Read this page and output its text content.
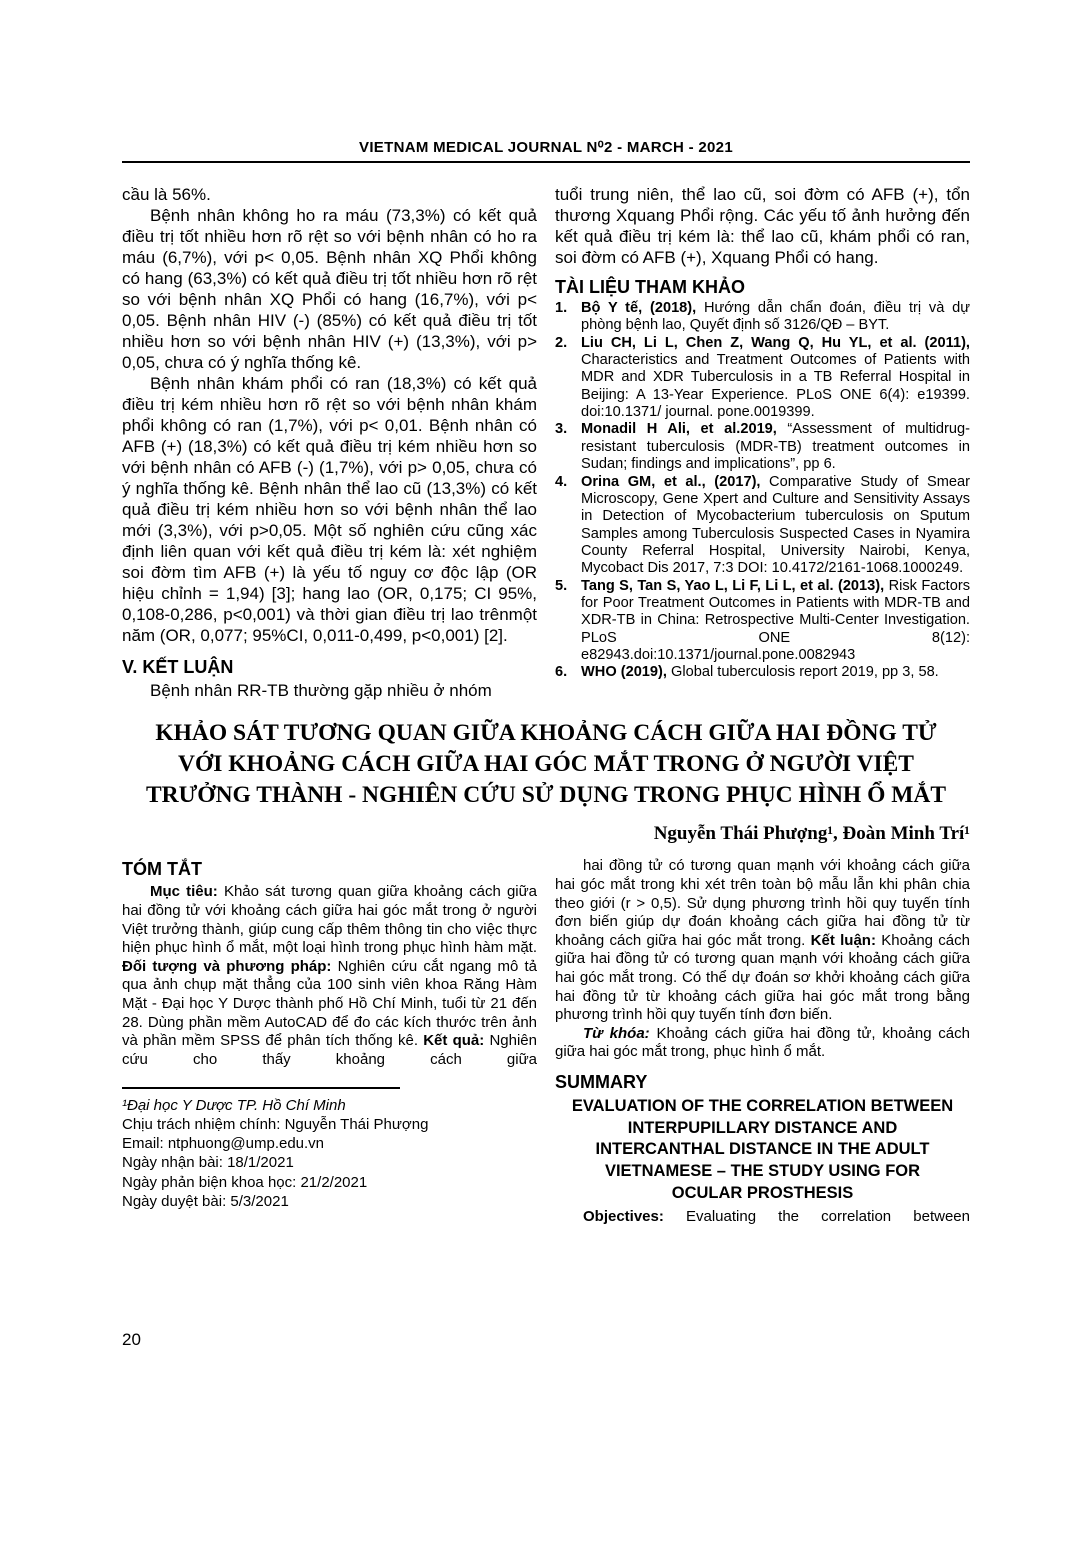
VIETNAM MEDICAL JOURNAL N⁰2 - MARCH - 2021

cầu là 56%.

Bệnh nhân không ho ra máu (73,3%) có kết quả điều trị tốt nhiều hơn rõ rệt so với bệnh nhân có ho ra máu (6,7%), với p< 0,05. Bệnh nhân XQ Phổi không có hang (63,3%) có kết quả điều trị tốt nhiều hơn rõ rệt so với bệnh nhân XQ Phổi có hang (16,7%), với p< 0,05. Bệnh nhân HIV (-) (85%) có kết quả điều trị tốt nhiều hơn so với bệnh nhân HIV (+) (13,3%), với p> 0,05, chưa có ý nghĩa thống kê.

Bệnh nhân khám phổi có ran (18,3%) có kết quả điều trị kém nhiều hơn rõ rệt so với bệnh nhân khám phổi không có ran (1,7%), với p< 0,01. Bệnh nhân có AFB (+) (18,3%) có kết quả điều trị kém nhiều hơn so với bệnh nhân có AFB (-) (1,7%), với p> 0,05, chưa có ý nghĩa thống kê. Bệnh nhân thể lao cũ (13,3%) có kết quả điều trị kém nhiều hơn so với bệnh nhân thể lao mới (3,3%), với p>0,05. Một số nghiên cứu cũng xác định liên quan với kết quả điều trị kém là: xét nghiệm soi đờm tìm AFB (+) là yếu tố nguy cơ độc lập (OR hiệu chỉnh = 1,94) [3]; hang lao (OR, 0,175; CI 95%, 0,108-0,286, p<0,001) và thời gian điều trị lao trênmột năm (OR, 0,077; 95%CI, 0,011-0,499, p<0,001) [2].

V. KẾT LUẬN

Bệnh nhân RR-TB thường gặp nhiều ở nhóm

tuổi trung niên, thể lao cũ, soi đờm có AFB (+), tổn thương Xquang Phổi rộng. Các yếu tố ảnh hưởng đến kết quả điều trị kém là: thể lao cũ, khám phổi có ran, soi đờm có AFB (+), Xquang Phổi có hang.

TÀI LIỆU THAM KHẢO
1. Bộ Y tế, (2018), Hướng dẫn chẩn đoán, điều trị và dự phòng bệnh lao, Quyết định số 3126/QĐ – BYT.
2. Liu CH, Li L, Chen Z, Wang Q, Hu YL, et al. (2011), Characteristics and Treatment Outcomes of Patients with MDR and XDR Tuberculosis in a TB Referral Hospital in Beijing: A 13-Year Experience. PLoS ONE 6(4): e19399. doi:10.1371/ journal. pone.0019399.
3. Monadil H Ali, et al.2019, “Assessment of multidrug-resistant tuberculosis (MDR-TB) treatment outcomes in Sudan; findings and implications”, pp 6.
4. Orina GM, et al., (2017), Comparative Study of Smear Microscopy, Gene Xpert and Culture and Sensitivity Assays in Detection of Mycobacterium tuberculosis on Sputum Samples among Tuberculosis Suspected Cases in Nyamira County Referral Hospital, University Nairobi, Kenya, Mycobact Dis 2017, 7:3 DOI: 10.4172/2161-1068.1000249.
5. Tang S, Tan S, Yao L, Li F, Li L, et al. (2013), Risk Factors for Poor Treatment Outcomes in Patients with MDR-TB and XDR-TB in China: Retrospective Multi-Center Investigation. PLoS ONE 8(12): e82943.doi:10.1371/journal.pone.0082943
6. WHO (2019), Global tuberculosis report 2019, pp 3, 58.
KHẢO SÁT TƯƠNG QUAN GIỮA KHOẢNG CÁCH GIỮA HAI ĐỒNG TỬ VỚI KHOẢNG CÁCH GIỮA HAI GÓC MẮT TRONG Ở NGƯỜI VIỆT TRƯỞNG THÀNH - NGHIÊN CỨU SỬ DỤNG TRONG PHỤC HÌNH Ổ MẮT
Nguyễn Thái Phượng¹, Đoàn Minh Trí¹
TÓM TẮT

Mục tiêu: Khảo sát tương quan giữa khoảng cách giữa hai đồng tử với khoảng cách giữa hai góc mắt trong ở người Việt trưởng thành, giúp cung cấp thêm thông tin cho việc thực hiện phục hình ổ mắt, một loại hình trong phục hình hàm mặt. Đối tượng và phương pháp: Nghiên cứu cắt ngang mô tả qua ảnh chụp mặt thẳng của 100 sinh viên khoa Răng Hàm Mặt - Đại học Y Dược thành phố Hồ Chí Minh, tuổi từ 21 đến 28. Dùng phần mềm AutoCAD để đo các kích thước trên ảnh và phần mềm SPSS để phân tích thống kê. Kết quả: Nghiên cứu cho thấy khoảng cách giữa

¹Đại học Y Dược TP. Hồ Chí Minh

Chịu trách nhiệm chính: Nguyễn Thái Phượng

Email: ntphuong@ump.edu.vn

Ngày nhận bài: 18/1/2021

Ngày phản biện khoa học: 21/2/2021

Ngày duyệt bài: 5/3/2021

hai đồng tử có tương quan mạnh với khoảng cách giữa hai góc mắt trong khi xét trên toàn bộ mẫu lẫn khi phân chia theo giới (r > 0,5). Sử dụng phương trình hồi quy tuyến tính đơn biến giúp dự đoán khoảng cách giữa hai đồng tử từ khoảng cách giữa hai góc mắt trong. Kết luận: Khoảng cách giữa hai đồng tử có tương quan mạnh với khoảng cách giữa hai góc mắt trong. Có thể dự đoán sơ khởi khoảng cách giữa hai đồng tử từ khoảng cách giữa hai góc mắt trong bằng phương trình hồi quy tuyến tính đơn biến.

Từ khóa: Khoảng cách giữa hai đồng tử, khoảng cách giữa hai góc mắt trong, phục hình ổ mắt.

SUMMARY
EVALUATION OF THE CORRELATION BETWEEN INTERPUPILLARY DISTANCE AND INTERCANTHAL DISTANCE IN THE ADULT VIETNAMESE – THE STUDY USING FOR OCULAR PROSTHESIS

Objectives: Evaluating the correlation between

20
